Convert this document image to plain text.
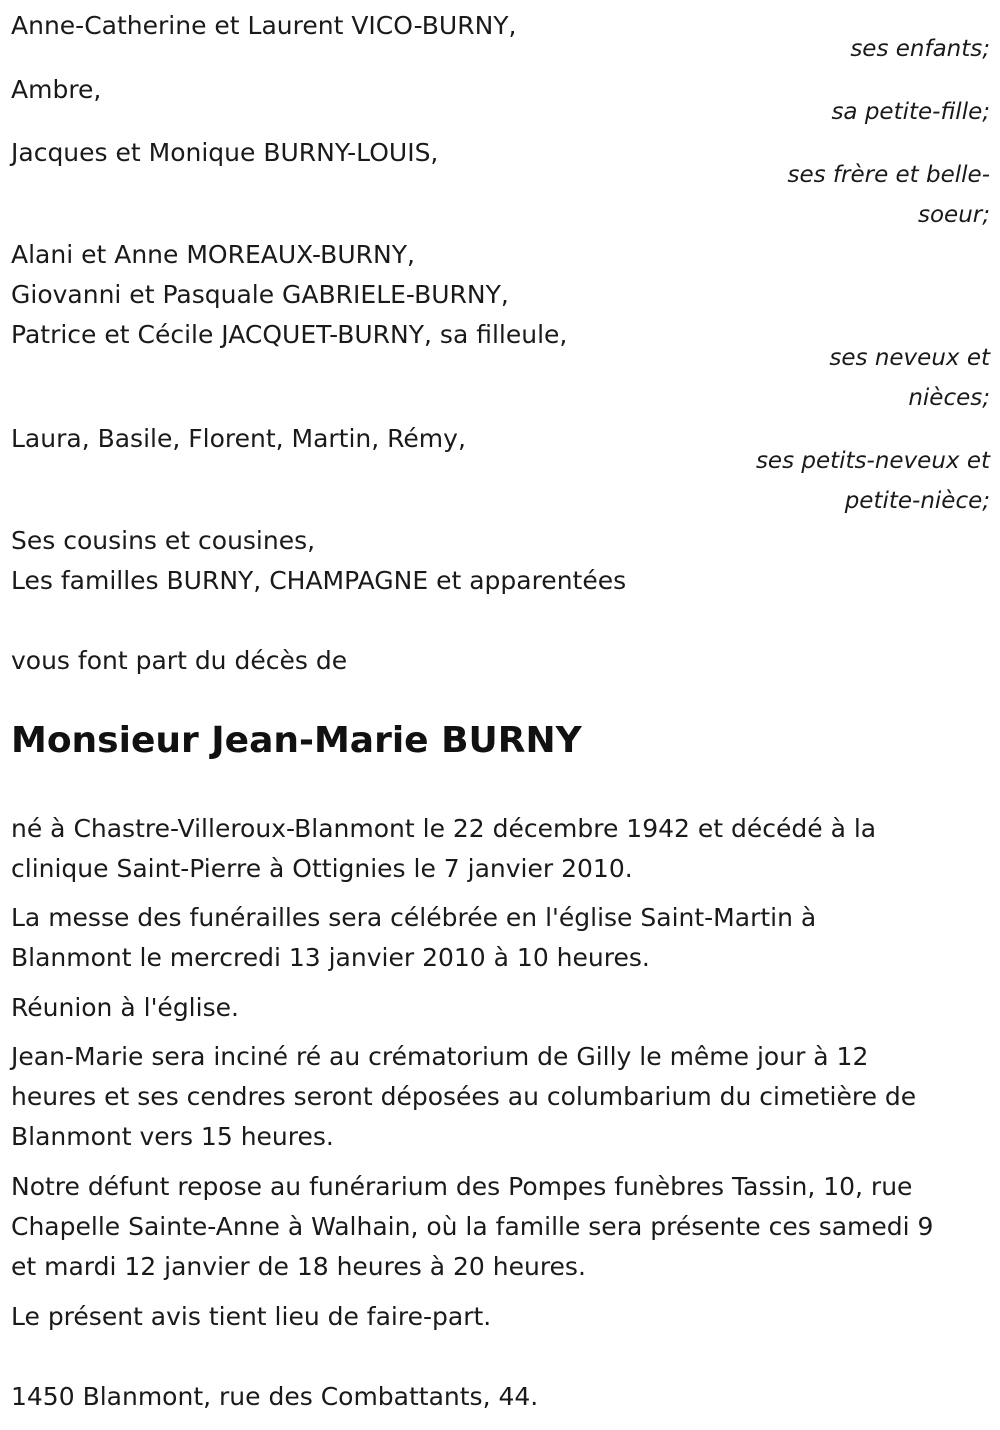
Anne-Catherine et Laurent VICO-BURNY,
ses enfants;
Ambre,
sa petite-fille;
Jacques et Monique BURNY-LOUIS,
ses frère et belle-
soeur;
Alani et Anne MOREAUX-BURNY,
Giovanni et Pasquale GABRIELE-BURNY,
Patrice et Cécile JACQUET-BURNY, sa filleule,
ses neveux et
nièces;
Laura, Basile, Florent, Martin, Rémy,
ses petits-neveux et
petite-nièce;
Ses cousins et cousines,
Les familles BURNY, CHAMPAGNE et apparentées
vous font part du décès de
Monsieur Jean-Marie BURNY
né à Chastre-Villeroux-Blanmont le 22 décembre 1942 et décédé à la
clinique Saint-Pierre à Ottignies le 7 janvier 2010.
La messe des funérailles sera célébrée en l'église Saint-Martin à
Blanmont le mercredi 13 janvier 2010 à 10 heures.
Réunion à l'église.
Jean-Marie sera inciné ré au crématorium de Gilly le même jour à 12
heures et ses cendres seront déposées au columbarium du cimetière de
Blanmont vers 15 heures.
Notre défunt repose au funérarium des Pompes funèbres Tassin, 10, rue
Chapelle Sainte-Anne à Walhain, où la famille sera présente ces samedi 9
et mardi 12 janvier de 18 heures à 20 heures.
Le présent avis tient lieu de faire-part.
1450 Blanmont, rue des Combattants, 44.
